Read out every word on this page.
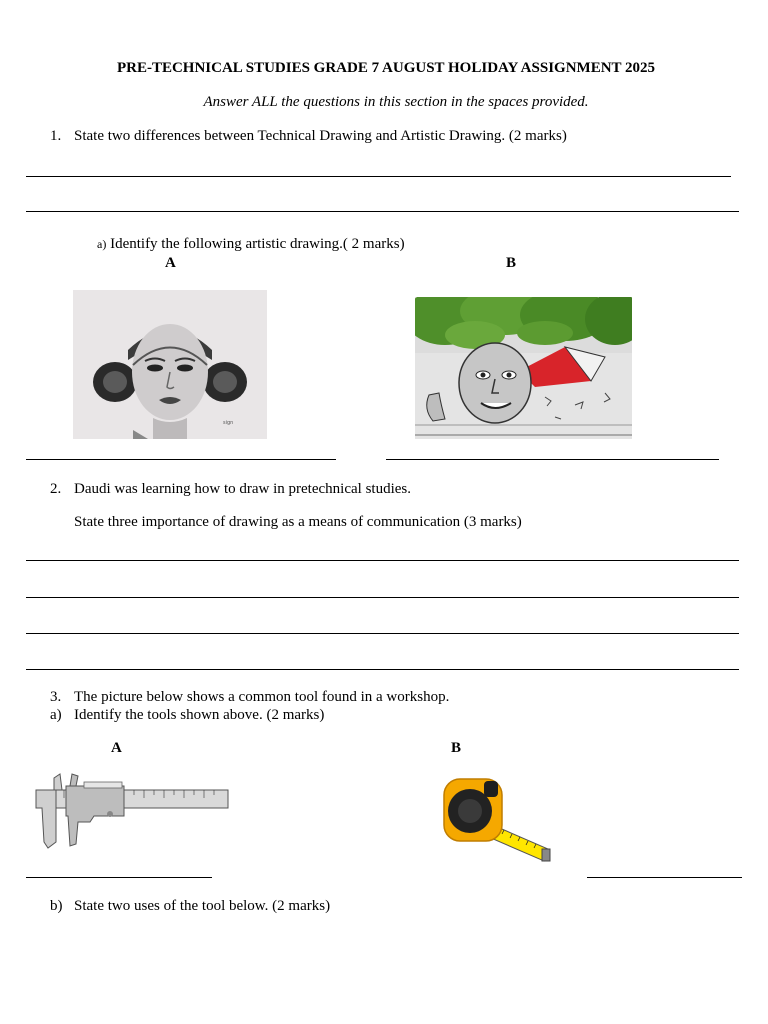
PRE-TECHNICAL STUDIES GRADE 7 AUGUST HOLIDAY ASSIGNMENT 2025
Answer ALL the questions in this section in the spaces provided.
1. State two differences between Technical Drawing and Artistic Drawing. (2 marks)
a) Identify the following artistic drawing.( 2 marks)
A	B
sign
2. Daudi was learning how to draw in pretechnical studies.
State three importance of drawing as a means of communication (3 marks)
3. The picture below shows a common tool found in a workshop.
a) Identify the tools shown above. (2 marks)
A	B
b) State two uses of the tool below. (2 marks)
